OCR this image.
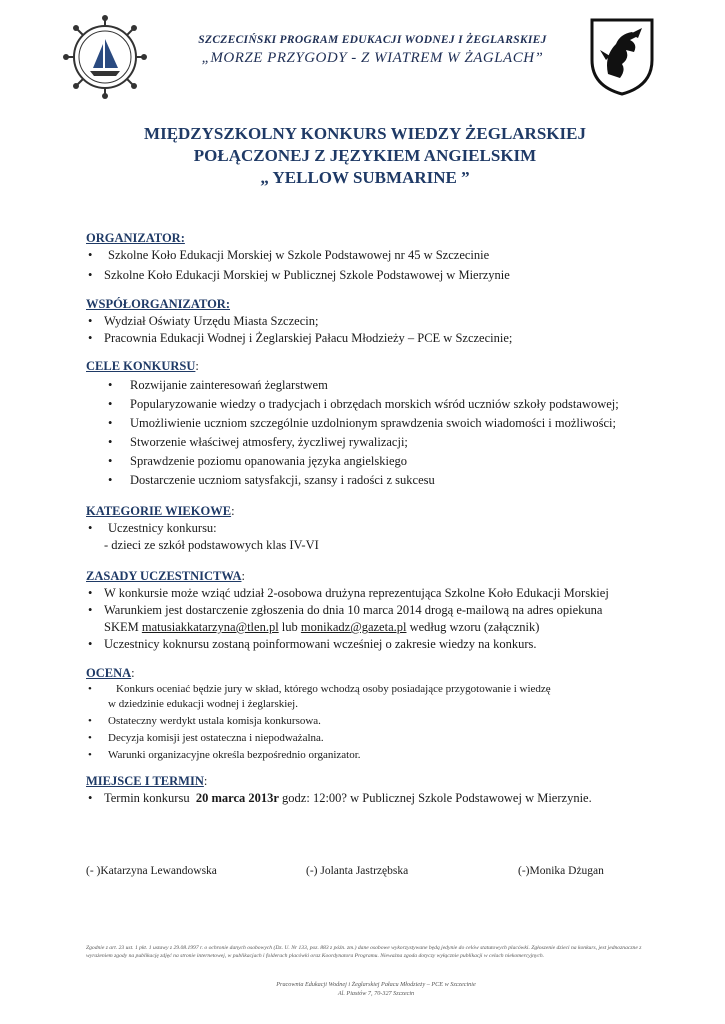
SZCZECIŃSKI PROGRAM EDUKACJI WODNEJ I ŻEGLARSKIEJ
„MORZE PRZYGODY - Z WIATREM W ŻAGLACH”
MIĘDZYSZKOLNY KONKURS WIEDZY ŻEGLARSKIEJ
POŁĄCZONEJ Z JĘZYKIEM ANGIELSKIM
„ YELLOW SUBMARINE ”
ORGANIZATOR:
• Szkolne Koło Edukacji Morskiej w Szkole Podstawowej nr 45 w Szczecinie
• Szkolne Koło Edukacji Morskiej w Publicznej Szkole Podstawowej w Mierzynie
WSPÓŁORGANIZATOR:
• Wydział Oświaty Urzędu Miasta Szczecin;
• Pracownia Edukacji Wodnej i Żeglarskiej Pałacu Młodzieży – PCE w Szczecinie;
CELE KONKURSU:
• Rozwijanie zainteresowań żeglarstwem
• Popularyzowanie wiedzy o tradycjach i obrzędach morskich wśród uczniów szkoły podstawowej;
• Umożliwienie uczniom szczególnie uzdolnionym sprawdzenia swoich wiadomości i możliwości;
• Stworzenie właściwej atmosfery, życzliwej rywalizacji;
• Sprawdzenie poziomu opanowania języka angielskiego
• Dostarczenie uczniom satysfakcji, szansy i radości z sukcesu
KATEGORIE WIEKOWE:
• Uczestnicy konkursu:
- dzieci ze szkół podstawowych klas IV-VI
ZASADY UCZESTNICTWA:
• W konkursie może wziąć udział 2-osobowa drużyna reprezentująca Szkolne Koło Edukacji Morskiej
• Warunkiem jest dostarczenie zgłoszenia do dnia 10 marca 2014 drogą e-mailową na adres opiekuna
SKEM matusiakkatarzyna@tlen.pl lub monikadz@gazeta.pl według wzoru (załącznik)
• Uczestnicy koknursu zostaną poinformowani wcześniej o zakresie wiedzy na konkurs.
OCENA:
• Konkurs oceniać będzie jury w skład, którego wchodzą osoby posiadające przygotowanie i wiedzę
w dziedzinie edukacji wodnej i żeglarskiej.
• Ostateczny werdykt ustala komisja konkursowa.
• Decyzja komisji jest ostateczna i niepodważalna.
• Warunki organizacyjne określa bezpośrednio organizator.
MIEJSCE I TERMIN:
• Termin konkursu 20 marca 2013r godz: 12:00? w Publicznej Szkole Podstawowej w Mierzynie.
(- )Katarzyna Lewandowska	(-) Jolanta Jastrzębska	(-)Monika Dżugan
Zgodnie z art. 23 ust. 1 pkt. 1 ustawy z 29.08.1997 r. o ochronie danych osobowych (Dz. U. Nr 133, poz. 883 z późn. zm.) dane osobowe wykorzystywane będą jedynie do celów statutowych placówki. Zgłoszenie dzieci na konkurs, jest jednoznaczne z wyrażeniem zgody na publikację zdjęć na stronie internetowej, w publikacjach i folderach placówki oraz Koordynatora Programu. Nieważna zgoda dotyczy wyłącznie publikacji w celach niekomercyjnych.
Pracownia Edukacji Wodnej i Żeglarskiej Pałacu Młodzieży – PCE w Szczecinie
Al. Piastów 7, 70-327 Szczecin
